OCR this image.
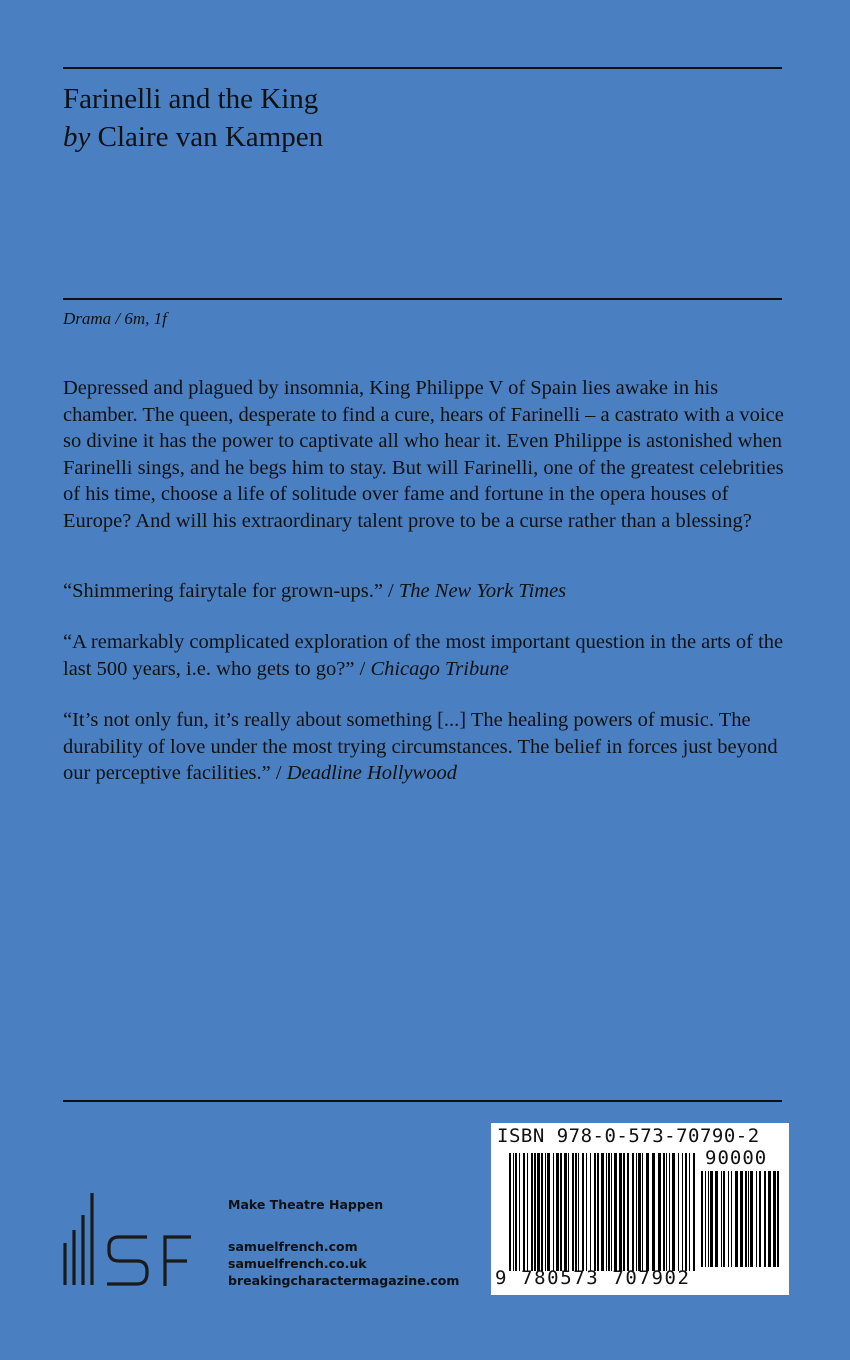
Farinelli and the King
by Claire van Kampen
Drama / 6m, 1f

Depressed and plagued by insomnia, King Philippe V of Spain lies awake in his chamber. The queen, desperate to find a cure, hears of Farinelli – a castrato with a voice so divine it has the power to captivate all who hear it. Even Philippe is astonished when Farinelli sings, and he begs him to stay. But will Farinelli, one of the greatest celebrities of his time, choose a life of solitude over fame and fortune in the opera houses of Europe? And will his extraordinary talent prove to be a curse rather than a blessing?

“Shimmering fairytale for grown-ups.” / The New York Times

“A remarkably complicated exploration of the most important question in the arts of the last 500 years, i.e. who gets to go?” / Chicago Tribune

“It’s not only fun, it’s really about something [...] The healing powers of music. The durability of love under the most trying circumstances. The belief in forces just beyond our perceptive facilities.” / Deadline Hollywood

Make Theatre Happen
samuelfrench.com
samuelfrench.co.uk
breakingcharactermagazine.com
ISBN 978-0-573-70790-2
90000
9 780573 707902
